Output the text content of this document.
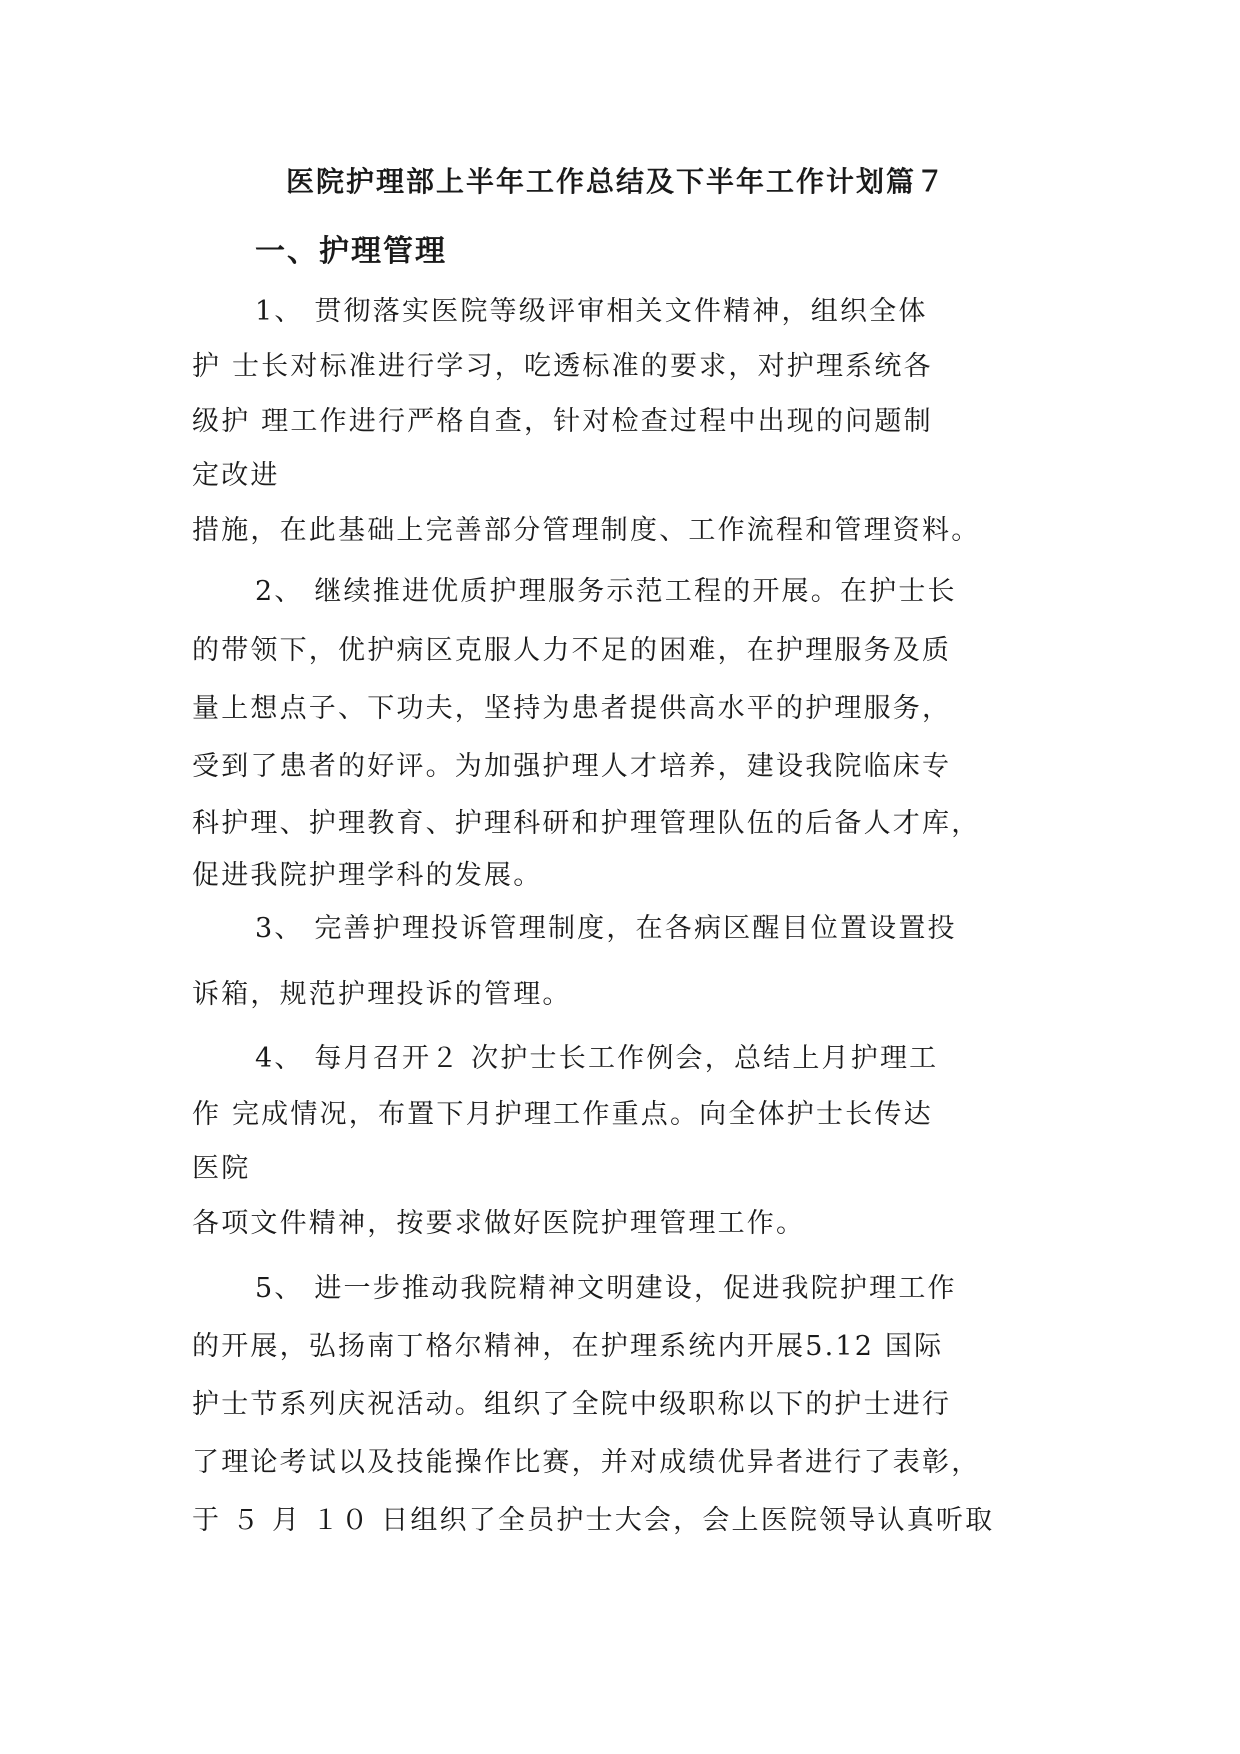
医院护理部上半年工作总结及下半年工作计划篇７
一、护理管理
1、 贯彻落实医院等级评审相关文件精神，组织全体
护 士长对标准进行学习，吃透标准的要求，对护理系统各
级护 理工作进行严格自查，针对检查过程中出现的问题制
定改进
措施，在此基础上完善部分管理制度、工作流程和管理资料。
2、 继续推进优质护理服务示范工程的开展。在护士长
的带领下，优护病区克服人力不足的困难，在护理服务及质
量上想点子、下功夫，坚持为患者提供高水平的护理服务，
受到了患者的好评。为加强护理人才培养，建设我院临床专
科护理、护理教育、护理科研和护理管理队伍的后备人才库，
促进我院护理学科的发展。
3、 完善护理投诉管理制度，在各病区醒目位置设置投
诉箱，规范护理投诉的管理。
4、 每月召开２ 次护士长工作例会，总结上月护理工
作 完成情况，布置下月护理工作重点。向全体护士长传达
医院
各项文件精神，按要求做好医院护理管理工作。
5、 进一步推动我院精神文明建设，促进我院护理工作
的开展，弘扬南丁格尔精神，在护理系统内开展5.12 国际
护士节系列庆祝活动。组织了全院中级职称以下的护士进行
了理论考试以及技能操作比赛，并对成绩优异者进行了表彰，
于 ５ 月 １０ 日组织了全员护士大会，会上医院领导认真听取
